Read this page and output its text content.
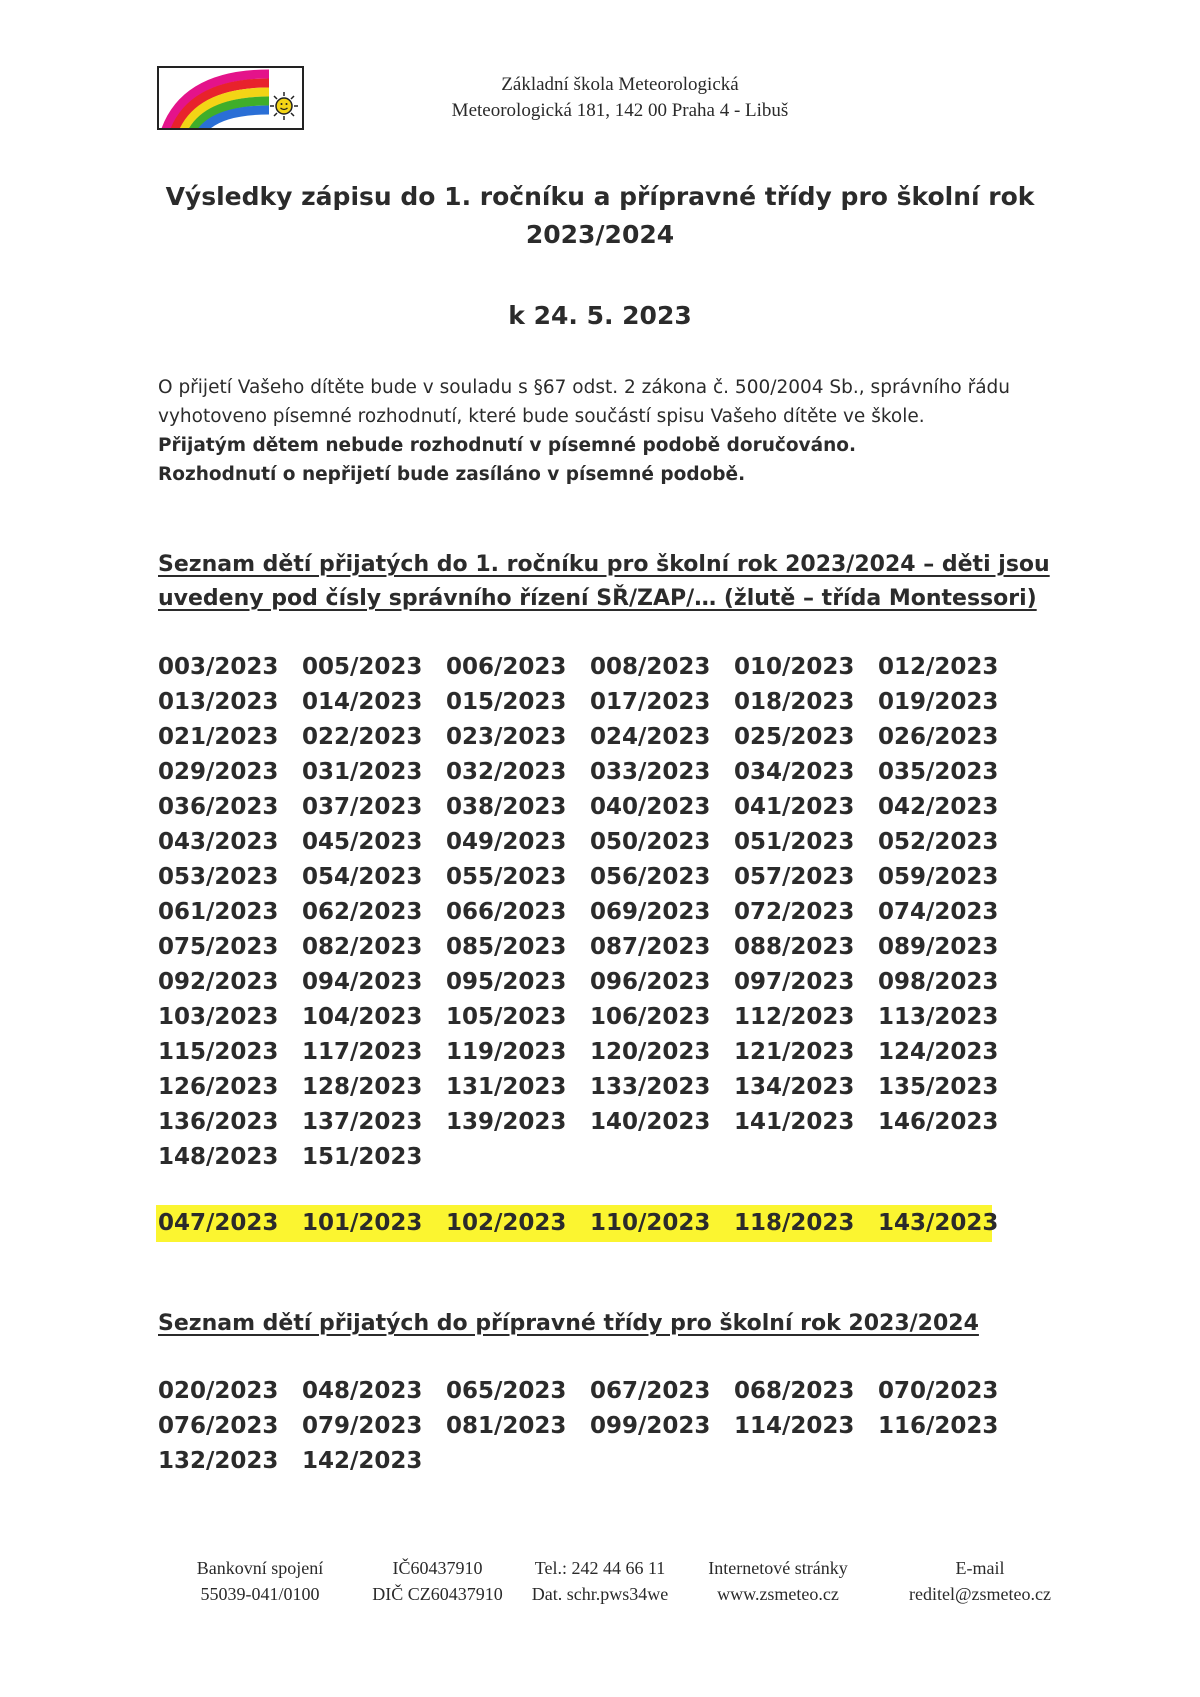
Základní škola Meteorologická
Meteorologická 181, 142 00 Praha 4 - Libuš
Výsledky zápisu do 1. ročníku a přípravné třídy pro školní rok
2023/2024
k 24. 5. 2023
O přijetí Vašeho dítěte bude v souladu s §67 odst. 2 zákona č. 500/2004 Sb., správního řádu
vyhotoveno písemné rozhodnutí, které bude součástí spisu Vašeho dítěte ve škole.
Přijatým dětem nebude rozhodnutí v písemné podobě doručováno.
Rozhodnutí o nepřijetí bude zasíláno v písemné podobě.
Seznam dětí přijatých do 1. ročníku pro školní rok 2023/2024 – děti jsou
uvedeny pod čísly správního řízení SŘ/ZAP/… (žlutě – třída Montessori)
003/2023	005/2023	006/2023	008/2023	010/2023	012/2023
013/2023	014/2023	015/2023	017/2023	018/2023	019/2023
021/2023	022/2023	023/2023	024/2023	025/2023	026/2023
029/2023	031/2023	032/2023	033/2023	034/2023	035/2023
036/2023	037/2023	038/2023	040/2023	041/2023	042/2023
043/2023	045/2023	049/2023	050/2023	051/2023	052/2023
053/2023	054/2023	055/2023	056/2023	057/2023	059/2023
061/2023	062/2023	066/2023	069/2023	072/2023	074/2023
075/2023	082/2023	085/2023	087/2023	088/2023	089/2023
092/2023	094/2023	095/2023	096/2023	097/2023	098/2023
103/2023	104/2023	105/2023	106/2023	112/2023	113/2023
115/2023	117/2023	119/2023	120/2023	121/2023	124/2023
126/2023	128/2023	131/2023	133/2023	134/2023	135/2023
136/2023	137/2023	139/2023	140/2023	141/2023	146/2023
148/2023	151/2023
047/2023	101/2023	102/2023	110/2023	118/2023	143/2023
Seznam dětí přijatých do přípravné třídy pro školní rok 2023/2024
020/2023	048/2023	065/2023	067/2023	068/2023	070/2023
076/2023	079/2023	081/2023	099/2023	114/2023	116/2023
132/2023	142/2023
Bankovní spojení
55039-041/0100
IČ60437910
DIČ CZ60437910
Tel.: 242 44 66 11
Dat. schr.pws34we
Internetové stránky
www.zsmeteo.cz
E-mail
reditel@zsmeteo.cz
